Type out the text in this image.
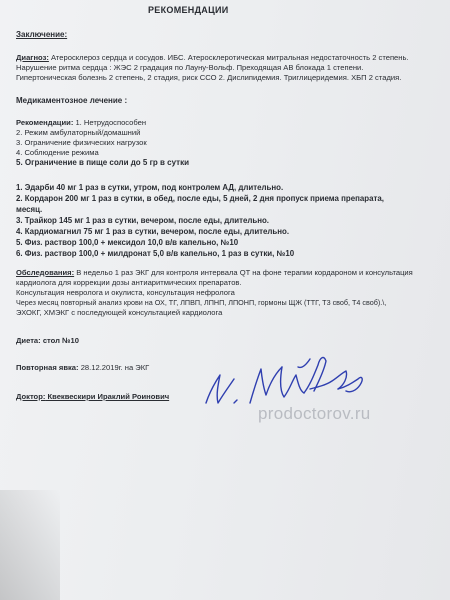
РЕКОМЕНДАЦИИ
Заключение:
Диагноз: Атеросклероз сердца и сосудов. ИБС. Атеросклеротическая митральная недостаточность 2 степень.
Нарушение ритма сердца : ЖЭС 2 градация по Лауну-Вольф. Преходящая АВ блокада 1 степени.
Гипертоническая болезнь 2 степень, 2 стадия, риск ССО 2. Дислипидемия. Триглицеридемия. ХБП 2 стадия.
Медикаментозное лечение :
Рекомендации: 1. Нетрудоспособен
2. Режим амбулаторный/домашний
3. Ограничение физических нагрузок
4. Соблюдение режима
5. Ограничение в пище соли до 5 гр в сутки
1. Эдарби 40 мг 1 раз в сутки, утром, под контролем АД, длительно.
2. Кордарон 200 мг 1 раз в сутки, в обед, после еды, 5 дней, 2 дня пропуск приема препарата,
месяц.
3. Трайкор 145 мг 1 раз в сутки, вечером, после еды, длительно.
4. Кардиомагнил 75 мг 1 раз в сутки, вечером, после еды, длительно.
5. Физ. раствор 100,0 + мексидол 10,0 в/в капельно, №10
6. Физ. раствор 100,0 + милдронат 5,0 в/в капельно, 1 раз в сутки, №10
Обследования: В недельо 1 раз ЭКГ для контроля интервала QT на фоне терапии кордароном и консультация
кардиолога для коррекции дозы антиаритмических препаратов.
Консультация невролога и окулиста, консультация нефролога
Через месяц повторный анализ крови на ОХ, ТГ, ЛПВП, ЛПНП, ЛПОНП, гормоны ЩЖ (ТТГ, Т3 своб, Т4 своб).\,
ЭХОКГ, ХМЭКГ с последующей консультацией кардиолога
Диета: стол №10
Повторная явка: 28.12.2019г. на ЭКГ
Доктор: Квеквескири Ираклий Роинович
prodoctorov.ru
